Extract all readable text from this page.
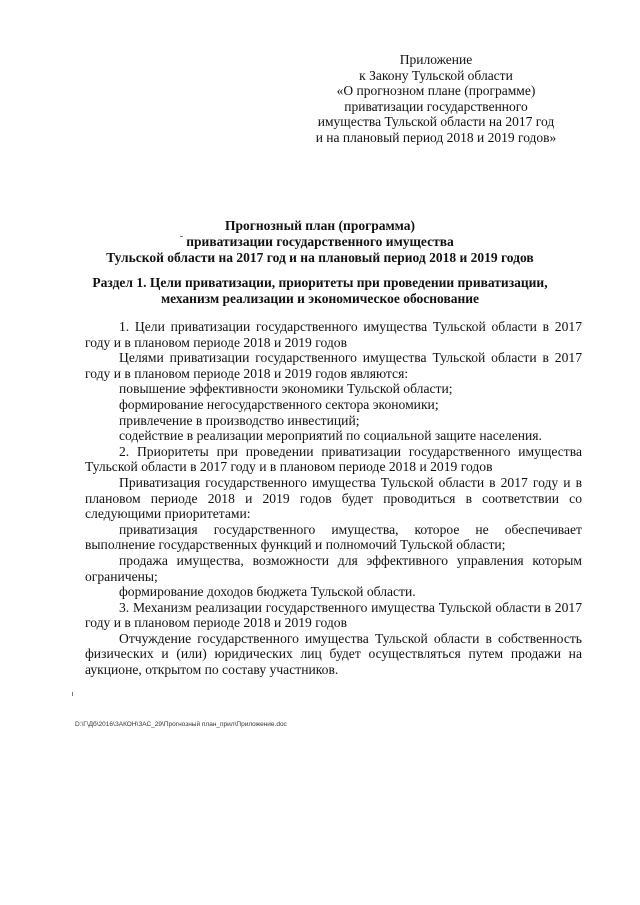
Приложение
к Закону Тульской области
«О прогнозном плане (программе)
приватизации государственного
имущества Тульской области на 2017 год
и на плановый период 2018 и 2019 годов»
Прогнозный план (программа)
приватизации государственного имущества
Тульской области на 2017 год и на плановый период 2018 и 2019 годов
Раздел 1. Цели приватизации, приоритеты при проведении приватизации,
механизм реализации и экономическое обоснование

1. Цели приватизации государственного имущества Тульской области в 2017 году и в плановом периоде 2018 и 2019 годов

Целями приватизации государственного имущества Тульской области в 2017 году и в плановом периоде 2018 и 2019 годов являются:

повышение эффективности экономики Тульской области;

формирование негосударственного сектора экономики;

привлечение в производство инвестиций;

содействие в реализации мероприятий по социальной защите населения.

2. Приоритеты при проведении приватизации государственного имущества Тульской области в 2017 году и в плановом периоде 2018 и 2019 годов

Приватизация государственного имущества Тульской области в 2017 году и в плановом периоде 2018 и 2019 годов будет проводиться в соответствии со следующими приоритетами:

приватизация государственного имущества, которое не обеспечивает выполнение государственных функций и полномочий Тульской области;

продажа имущества, возможности для эффективного управления которым ограничены;

формирование доходов бюджета Тульской области.

3. Механизм реализации государственного имущества Тульской области в 2017 году и в плановом периоде 2018 и 2019 годов

Отчуждение государственного имущества Тульской области в собственность физических и (или) юридических лиц будет осуществляться путем продажи на аукционе, открытом по составу участников.

D:\Г\Дб\2016\ЗАКОН\ЗАС_29\Прогнозный план_прил\Приложение.doc
